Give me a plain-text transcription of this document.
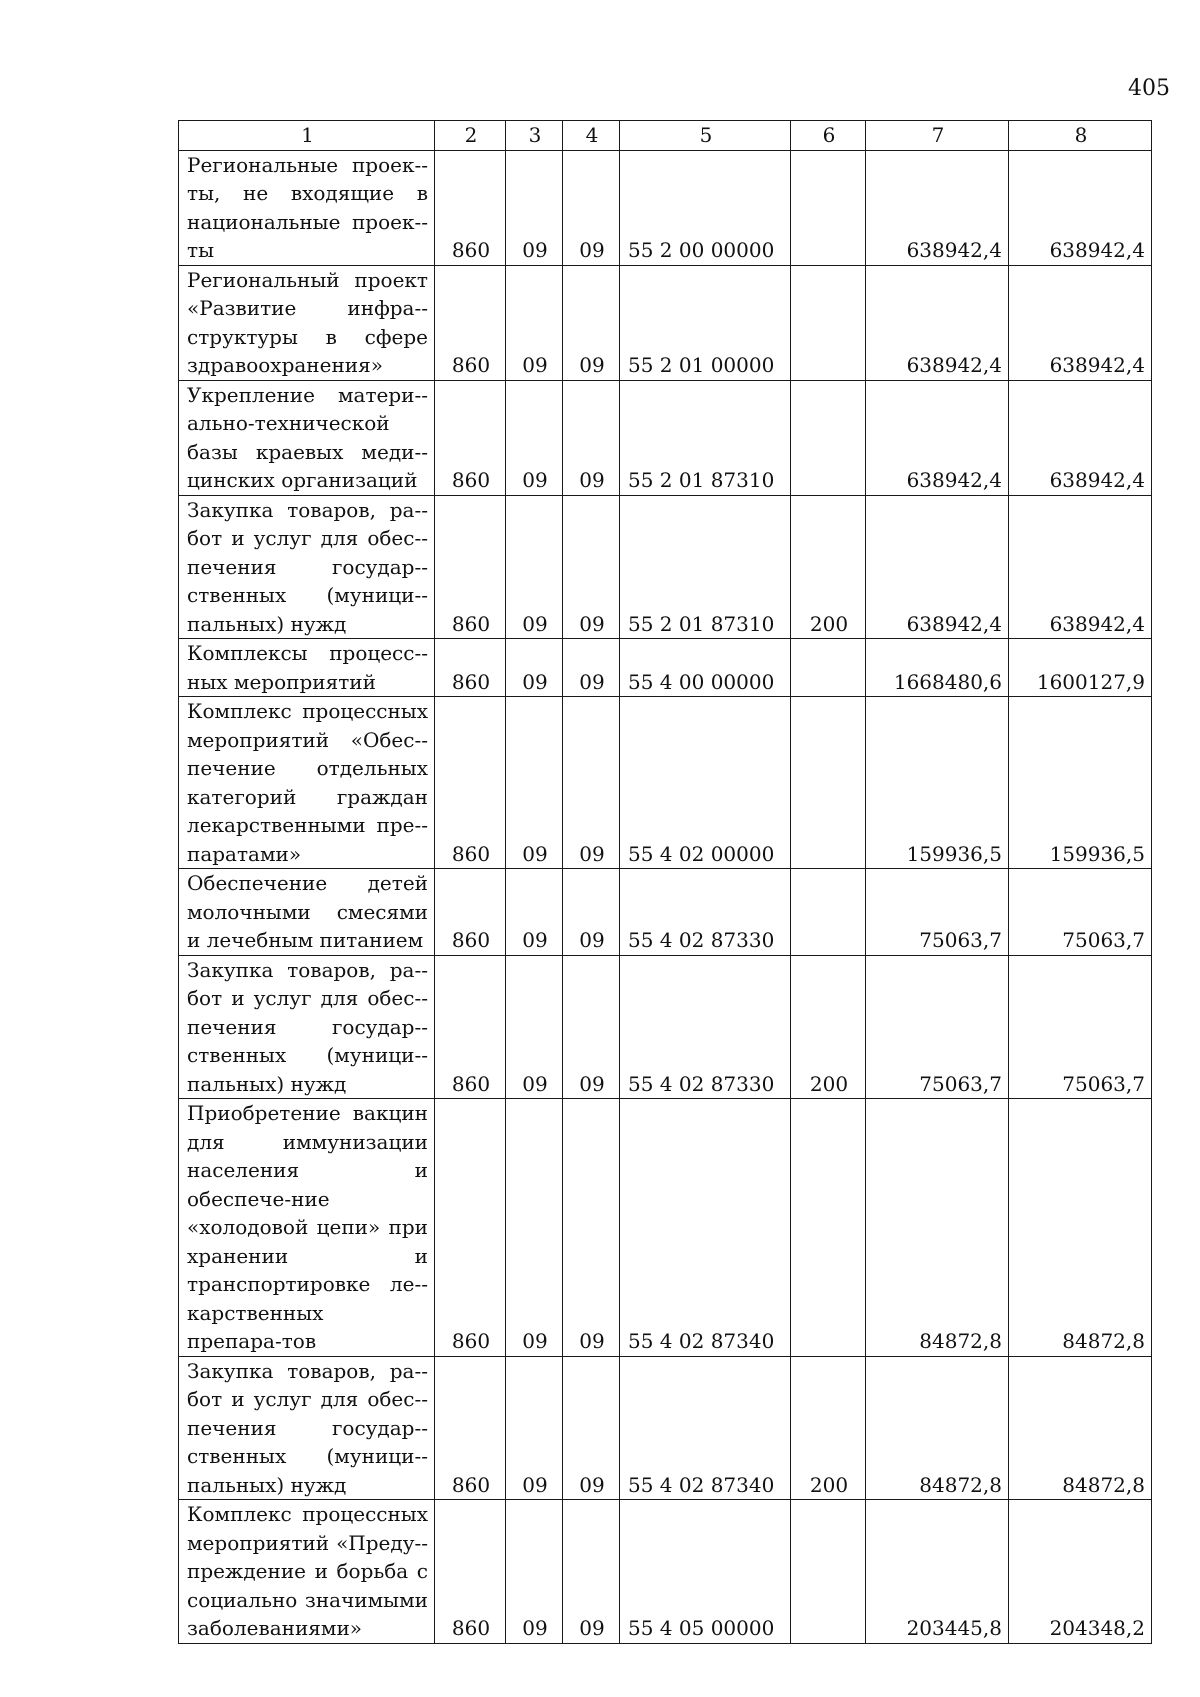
405
1	2	3	4	5	6	7	8
Региональные проек-ты, не входящие в национальные проек-ты	860	09	09	55 2 00 00000		638942,4	638942,4
Региональный проект «Развитие инфра-структуры в сфере здравоохранения»	860	09	09	55 2 01 00000		638942,4	638942,4
Укрепление матери-ально-технической базы краевых меди-цинских организаций	860	09	09	55 2 01 87310		638942,4	638942,4
Закупка товаров, ра-бот и услуг для обес-печения государ-ственных (муници-пальных) нужд	860	09	09	55 2 01 87310	200	638942,4	638942,4
Комплексы процесс-ных мероприятий	860	09	09	55 4 00 00000		1668480,6	1600127,9
Комплекс процессных мероприятий «Обес-печение отдельных категорий граждан лекарственными пре-паратами»	860	09	09	55 4 02 00000		159936,5	159936,5
Обеспечение детей молочными смесями и лечебным питанием	860	09	09	55 4 02 87330		75063,7	75063,7
Закупка товаров, ра-бот и услуг для обес-печения государ-ственных (муници-пальных) нужд	860	09	09	55 4 02 87330	200	75063,7	75063,7
Приобретение вакцин для иммунизации населения и обеспече-ние «холодовой цепи» при хранении и транспортировке ле-карственных препара-тов	860	09	09	55 4 02 87340		84872,8	84872,8
Закупка товаров, ра-бот и услуг для обес-печения государ-ственных (муници-пальных) нужд	860	09	09	55 4 02 87340	200	84872,8	84872,8
Комплекс процессных мероприятий «Преду-преждение и борьба с социально значимыми заболеваниями»	860	09	09	55 4 05 00000		203445,8	204348,2
